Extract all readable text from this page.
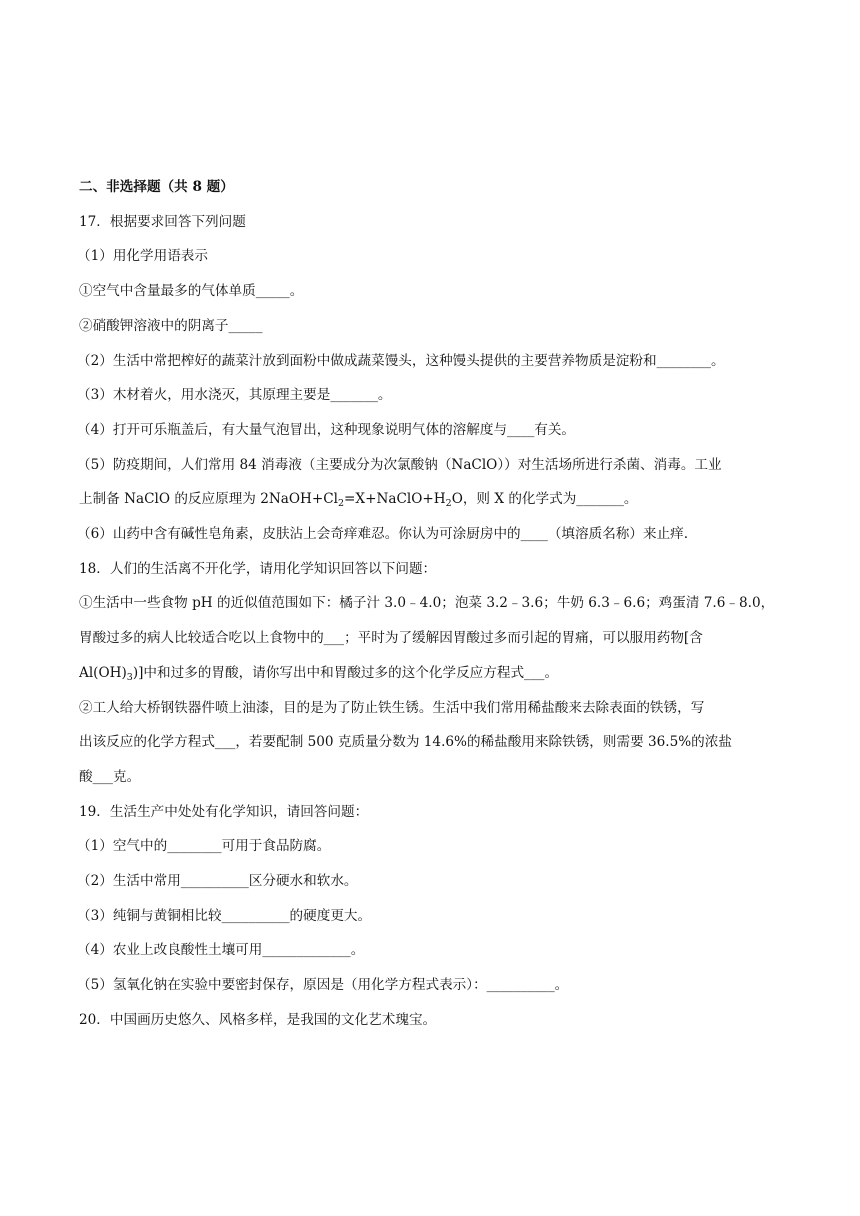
二、非选择题（共 8 题）
17．根据要求回答下列问题
（1）用化学用语表示
①空气中含量最多的气体单质_____。
②硝酸钾溶液中的阴离子_____
（2）生活中常把榨好的蔬菜汁放到面粉中做成蔬菜馒头，这种馒头提供的主要营养物质是淀粉和________。
（3）木材着火，用水浇灭，其原理主要是_______。
（4）打开可乐瓶盖后，有大量气泡冒出，这种现象说明气体的溶解度与____有关。
（5）防疫期间，人们常用 84 消毒液（主要成分为次氯酸钠（NaClO））对生活场所进行杀菌、消毒。工业
上制备 NaClO 的反应原理为 $2NaOH+Cl_2=X+NaClO+H_2O$，则 X 的化学式为_______。
（6）山药中含有碱性皂角素，皮肤沾上会奇痒难忍。你认为可涂厨房中的____（填溶质名称）来止痒.
18．人们的生活离不开化学，请用化学知识回答以下问题：
①生活中一些食物 pH 的近似值范围如下：橘子汁 3.0﹣4.0；泡菜 3.2﹣3.6；牛奶 6.3﹣6.6；鸡蛋清 7.6﹣8.0，
胃酸过多的病人比较适合吃以上食物中的___；平时为了缓解因胃酸过多而引起的胃痛，可以服用药物[含
$Al(OH)_3$)]中和过多的胃酸，请你写出中和胃酸过多的这个化学反应方程式___。
②工人给大桥钢铁器件喷上油漆，目的是为了防止铁生锈。生活中我们常用稀盐酸来去除表面的铁锈，写
出该反应的化学方程式___，若要配制 500 克质量分数为 14.6%的稀盐酸用来除铁锈，则需要 36.5%的浓盐
酸___克。
19．生活生产中处处有化学知识，请回答问题：
（1）空气中的________可用于食品防腐。
（2）生活中常用__________区分硬水和软水。
（3）纯铜与黄铜相比较__________的硬度更大。
（4）农业上改良酸性土壤可用_____________。
（5）氢氧化钠在实验中要密封保存，原因是（用化学方程式表示）：__________。
20．中国画历史悠久、风格多样，是我国的文化艺术瑰宝。
